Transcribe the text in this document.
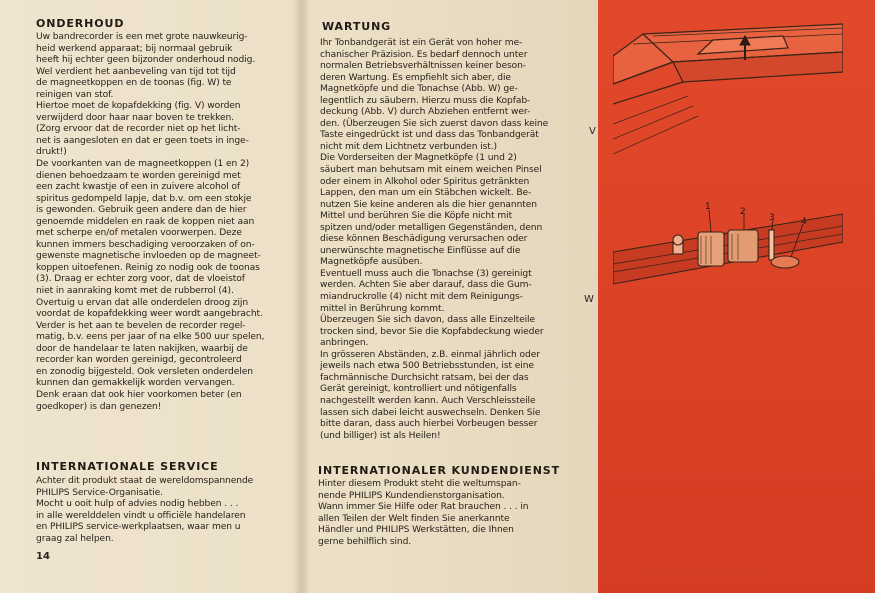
ONDERHOUD
Uw bandrecorder is een met grote nauwkeurig-
heid werkend apparaat; bij normaal gebruik
heeft hij echter geen bijzonder onderhoud nodig.
Wel verdient het aanbeveling van tijd tot tijd
de magneetkoppen en de toonas (fig. W) te
reinigen van stof.
Hiertoe moet de kopafdekking (fig. V) worden
verwijderd door haar naar boven te trekken.
(Zorg ervoor dat de recorder niet op het licht-
net is aangesloten en dat er geen toets in inge-
drukt!)
De voorkanten van de magneetkoppen (1 en 2)
dienen behoedzaam te worden gereinigd met
een zacht kwastje of een in zuivere alcohol of
spiritus gedompeld lapje, dat b.v. om een stokje
is gewonden. Gebruik geen andere dan de hier
genoemde middelen en raak de koppen niet aan
met scherpe en/of metalen voorwerpen. Deze
kunnen immers beschadiging veroorzaken of on-
gewenste magnetische invloeden op de magneet-
koppen uitoefenen. Reinig zo nodig ook de toonas
(3). Draag er echter zorg voor, dat de vloeistof
niet in aanraking komt met de rubberrol (4).
Overtuig u ervan dat alle onderdelen droog zijn
voordat de kopafdekking weer wordt aangebracht.
Verder is het aan te bevelen de recorder regel-
matig, b.v. eens per jaar of na elke 500 uur spelen,
door de handelaar te laten nakijken, waarbij de
recorder kan worden gereinigd, gecontroleerd
en zonodig bijgesteld. Ook versleten onderdelen
kunnen dan gemakkelijk worden vervangen.
Denk eraan dat ook hier voorkomen beter (en
goedkoper) is dan genezen!
INTERNATIONALE SERVICE
Achter dit produkt staat de wereldomspannende
PHILIPS Service-Organisatie.
Mocht u ooit hulp of advies nodig hebben . . .
in alle werelddelen vindt u officiële handelaren
en PHILIPS service-werkplaatsen, waar men u
graag zal helpen.
14
WARTUNG
Ihr Tonbandgerät ist ein Gerät von hoher me-
chanischer Präzision. Es bedarf dennoch unter
normalen Betriebsverhältnissen keiner beson-
deren Wartung. Es empfiehlt sich aber, die
Magnetköpfe und die Tonachse (Abb. W) ge-
legentlich zu säubern. Hierzu muss die Kopfab-
deckung (Abb. V) durch Abziehen entfernt wer-
den. (Überzeugen Sie sich zuerst davon dass keine
Taste eingedrückt ist und dass das Tonbandgerät
nicht mit dem Lichtnetz verbunden ist.)
Die Vorderseiten der Magnetköpfe (1 und 2)
säubert man behutsam mit einem weichen Pinsel
oder einem in Alkohol oder Spiritus getränkten
Lappen, den man um ein Stäbchen wickelt. Be-
nutzen Sie keine anderen als die hier genannten
Mittel und berühren Sie die Köpfe nicht mit
spitzen und/oder metalligen Gegenständen, denn
diese können Beschädigung verursachen oder
unerwünschte magnetische Einflüsse auf die
Magnetköpfe ausüben.
Eventuell muss auch die Tonachse (3) gereinigt
werden. Achten Sie aber darauf, dass die Gum-
miandruckrolle (4) nicht mit dem Reinigungs-
mittel in Berührung kommt.
Überzeugen Sie sich davon, dass alle Einzelteile
trocken sind, bevor Sie die Kopfabdeckung wieder
anbringen.
In grösseren Abständen, z.B. einmal jährlich oder
jeweils nach etwa 500 Betriebsstunden, ist eine
fachmännische Durchsicht ratsam, bei der das
Gerät gereinigt, kontrolliert und nötigenfalls
nachgestellt werden kann. Auch Verschleissteile
lassen sich dabei leicht auswechseln. Denken Sie
bitte daran, dass auch hierbei Vorbeugen besser
(und billiger) ist als Heilen!
INTERNATIONALER KUNDENDIENST
Hinter diesem Produkt steht die weltumspan-
nende PHILIPS Kundendienstorganisation.
Wann immer Sie Hilfe oder Rat brauchen . . . in
allen Teilen der Welt finden Sie anerkannte
Händler und PHILIPS Werkstätten, die Ihnen
gerne behilflich sind.
V
W
1	2
3	4
